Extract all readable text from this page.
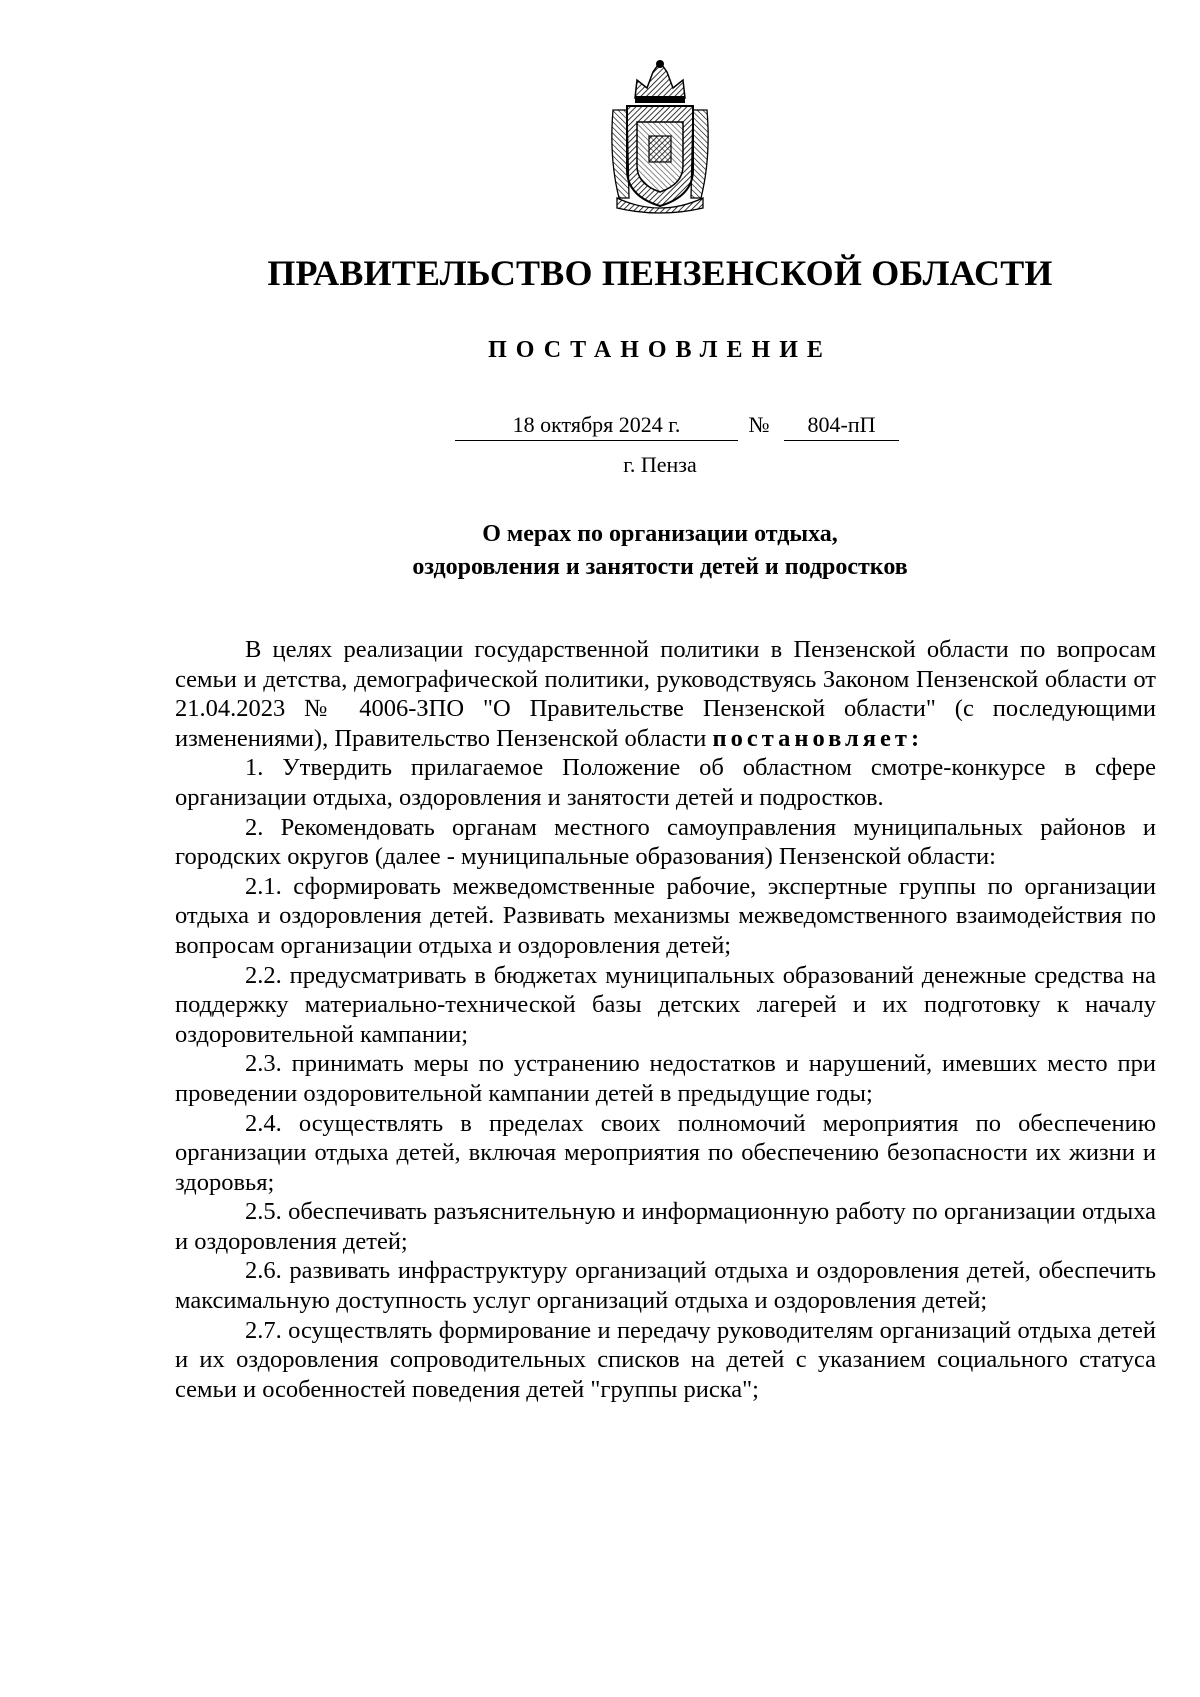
ПРАВИТЕЛЬСТВО ПЕНЗЕНСКОЙ ОБЛАСТИ
ПОСТАНОВЛЕНИЕ
18 октября 2024 г.	№	804-пП
г. Пенза
О мерах по организации отдыха,
оздоровления и занятости детей и подростков

В целях реализации государственной политики в Пензенской области по вопросам семьи и детства, демографической политики, руководствуясь Законом Пензенской области от 21.04.2023 № 4006-ЗПО "О Правительстве Пензенской области" (с последующими изменениями), Правительство Пензенской области постановляет:

1. Утвердить прилагаемое Положение об областном смотре-конкурсе в сфере организации отдыха, оздоровления и занятости детей и подростков.

2. Рекомендовать органам местного самоуправления муниципальных районов и городских округов (далее - муниципальные образования) Пензенской области:

2.1. сформировать межведомственные рабочие, экспертные группы по организации отдыха и оздоровления детей. Развивать механизмы межведомственного взаимодействия по вопросам организации отдыха и оздоровления детей;

2.2. предусматривать в бюджетах муниципальных образований денежные средства на поддержку материально-технической базы детских лагерей и их подготовку к началу оздоровительной кампании;

2.3. принимать меры по устранению недостатков и нарушений, имевших место при проведении оздоровительной кампании детей в предыдущие годы;

2.4. осуществлять в пределах своих полномочий мероприятия по обеспечению организации отдыха детей, включая мероприятия по обеспечению безопасности их жизни и здоровья;

2.5. обеспечивать разъяснительную и информационную работу по организации отдыха и оздоровления детей;

2.6. развивать инфраструктуру организаций отдыха и оздоровления детей, обеспечить максимальную доступность услуг организаций отдыха и оздоровления детей;

2.7. осуществлять формирование и передачу руководителям организаций отдыха детей и их оздоровления сопроводительных списков на детей с указанием социального статуса семьи и особенностей поведения детей "группы риска";
